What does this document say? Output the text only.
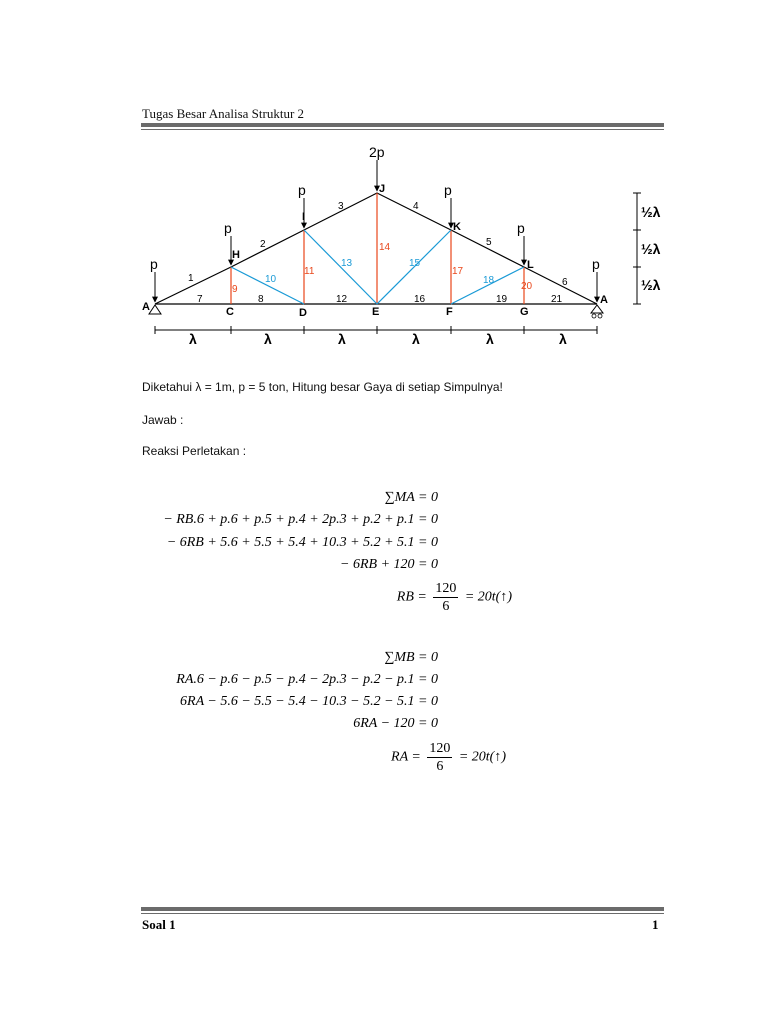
Tugas Besar Analisa Struktur 2
p
p
p
2p
p
p
p
A	C	D	E	F	G
A
H
I
J
K
L
1
2
3	4
5
6
7	8	12	16	19	21
9
11
14
17
20
10
13	15
18
λ	λ	λ	λ	λ	λ
½λ
½λ
½λ
Diketahui λ = 1m, p = 5 ton, Hitung besar Gaya di setiap Simpulnya!
Jawab :
Reaksi Perletakan :
∑MA = 0
− RB.6 + p.6 + p.5 + p.4 + 2p.3 + p.2 + p.1 = 0
− 6RB + 5.6 + 5.5 + 5.4 + 10.3 + 5.2 + 5.1 = 0
− 6RB + 120 = 0
RB = $\frac{120}{6}$ = 20t(↑)
∑MB = 0
RA.6 − p.6 − p.5 − p.4 − 2p.3 − p.2 − p.1 = 0
6RA − 5.6 − 5.5 − 5.4 − 10.3 − 5.2 − 5.1 = 0
6RA − 120 = 0
RA = $\frac{120}{6}$ = 20t(↑)
Soal 1	1
